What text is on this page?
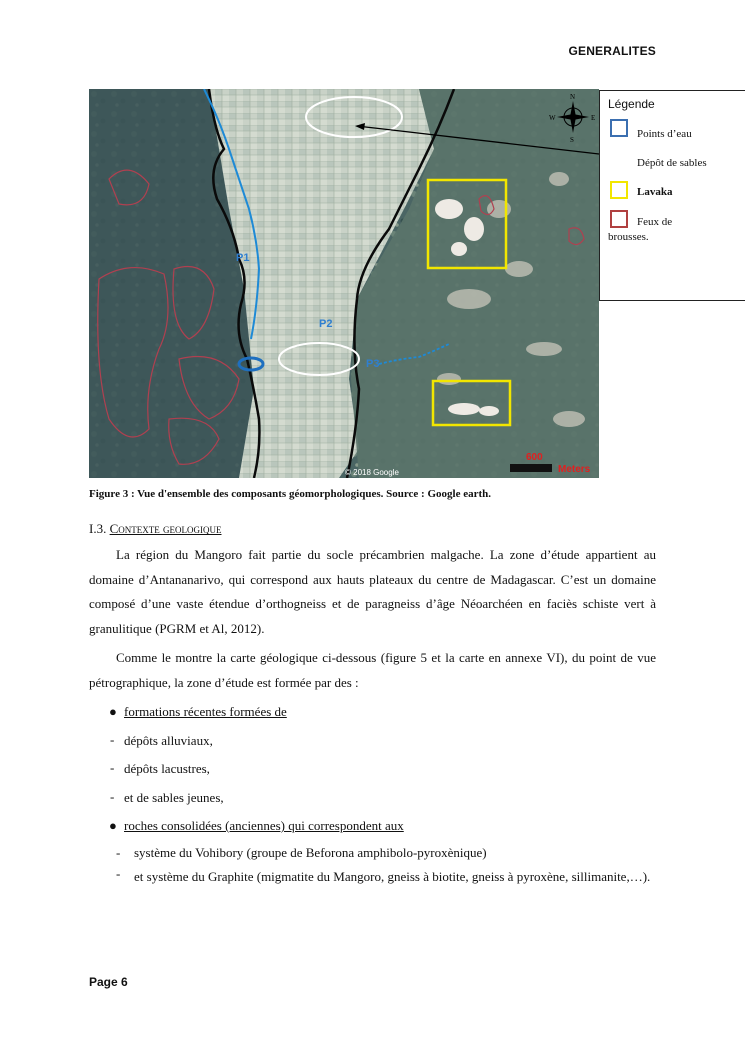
GENERALITES
P1
P2
P3
N
W	E
S
600
Meters
© 2018 Google
Légende
Points d’eau
Dépôt de sables
Lavaka
Feux de brousses.
Figure 3 : Vue d'ensemble des composants géomorphologiques. Source : Google earth.
I.3. Contexte geologique

La région du Mangoro fait partie du socle précambrien malgache. La zone d’étude appartient au domaine d’Antananarivo, qui correspond aux hauts plateaux du centre de Madagascar. C’est un domaine composé d’une vaste étendue d’orthogneiss et de paragneiss d’âge Néoarchéen en faciès schiste vert à granulitique (PGRM et Al, 2012).

Comme le montre la carte géologique ci-dessous (figure 5 et la carte en annexe VI), du point de vue pétrographique, la zone d’étude est formée par des :

● formations récentes formées de
- dépôts alluviaux,
- dépôts lacustres,
- et de sables jeunes,
● roches consolidées (anciennes) qui correspondent aux
- système du Vohibory (groupe de Beforona amphibolo-pyroxènique)
- et système du Graphite (migmatite du Mangoro, gneiss à biotite, gneiss à pyroxène, sillimanite,…).
Page 6
